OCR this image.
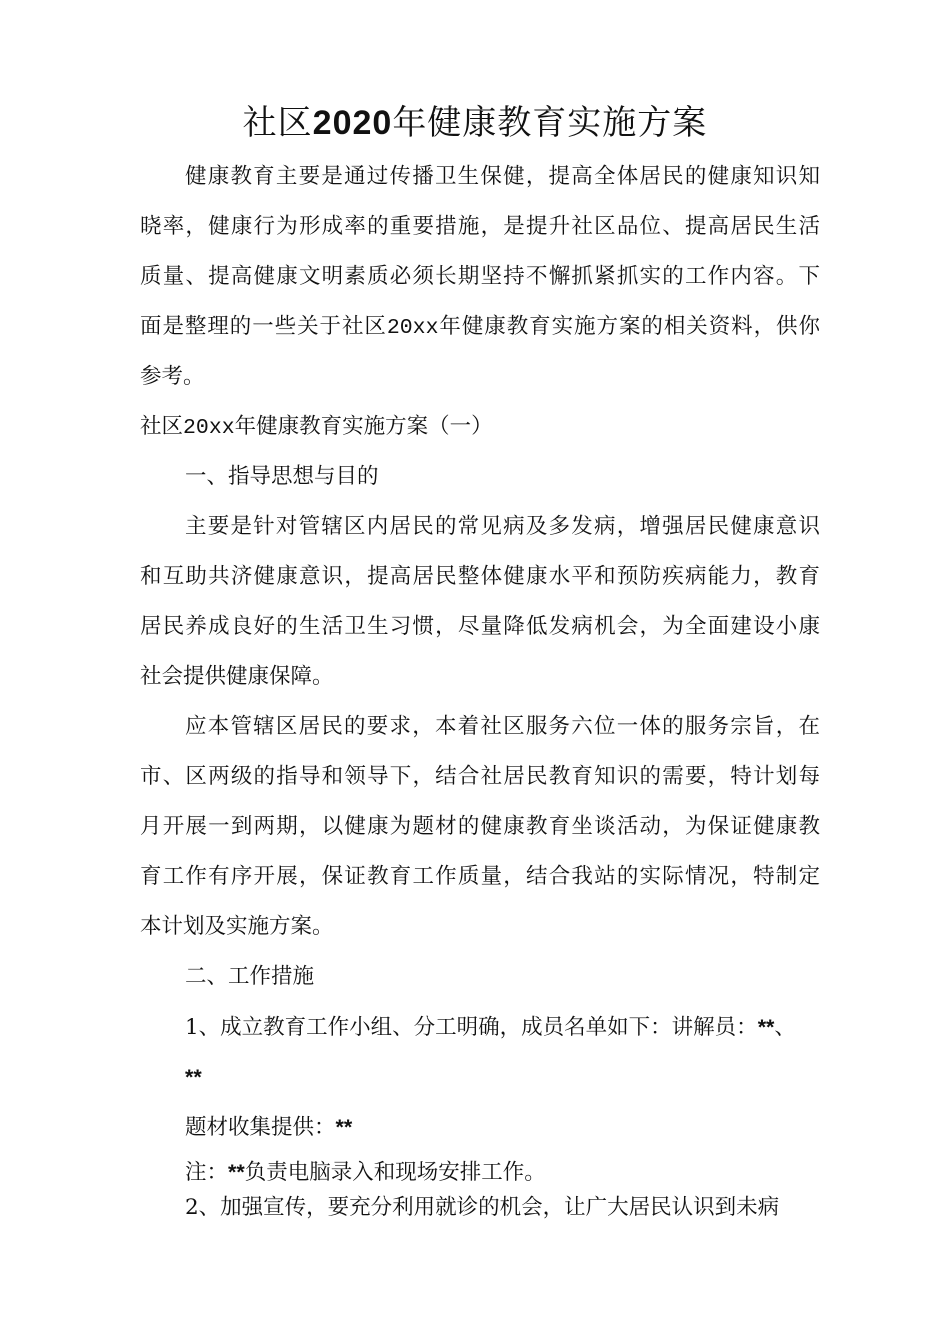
社区2020年健康教育实施方案
健康教育主要是通过传播卫生保健，提高全体居民的健康知识知
晓率，健康行为形成率的重要措施，是提升社区品位、提高居民生活
质量、提高健康文明素质必须长期坚持不懈抓紧抓实的工作内容。下
面是整理的一些关于社区20xx年健康教育实施方案的相关资料，供你
参考。
社区20xx年健康教育实施方案（一）
一、指导思想与目的
主要是针对管辖区内居民的常见病及多发病，增强居民健康意识
和互助共济健康意识，提高居民整体健康水平和预防疾病能力，教育
居民养成良好的生活卫生习惯，尽量降低发病机会，为全面建设小康
社会提供健康保障。
应本管辖区居民的要求，本着社区服务六位一体的服务宗旨，在
市、区两级的指导和领导下，结合社居民教育知识的需要，特计划每
月开展一到两期，以健康为题材的健康教育坐谈活动，为保证健康教
育工作有序开展，保证教育工作质量，结合我站的实际情况，特制定
本计划及实施方案。
二、工作措施
1、成立教育工作小组、分工明确，成员名单如下：讲解员：**、
**
题材收集提供：**
注：**负责电脑录入和现场安排工作。
2、加强宣传，要充分利用就诊的机会，让广大居民认识到未病
